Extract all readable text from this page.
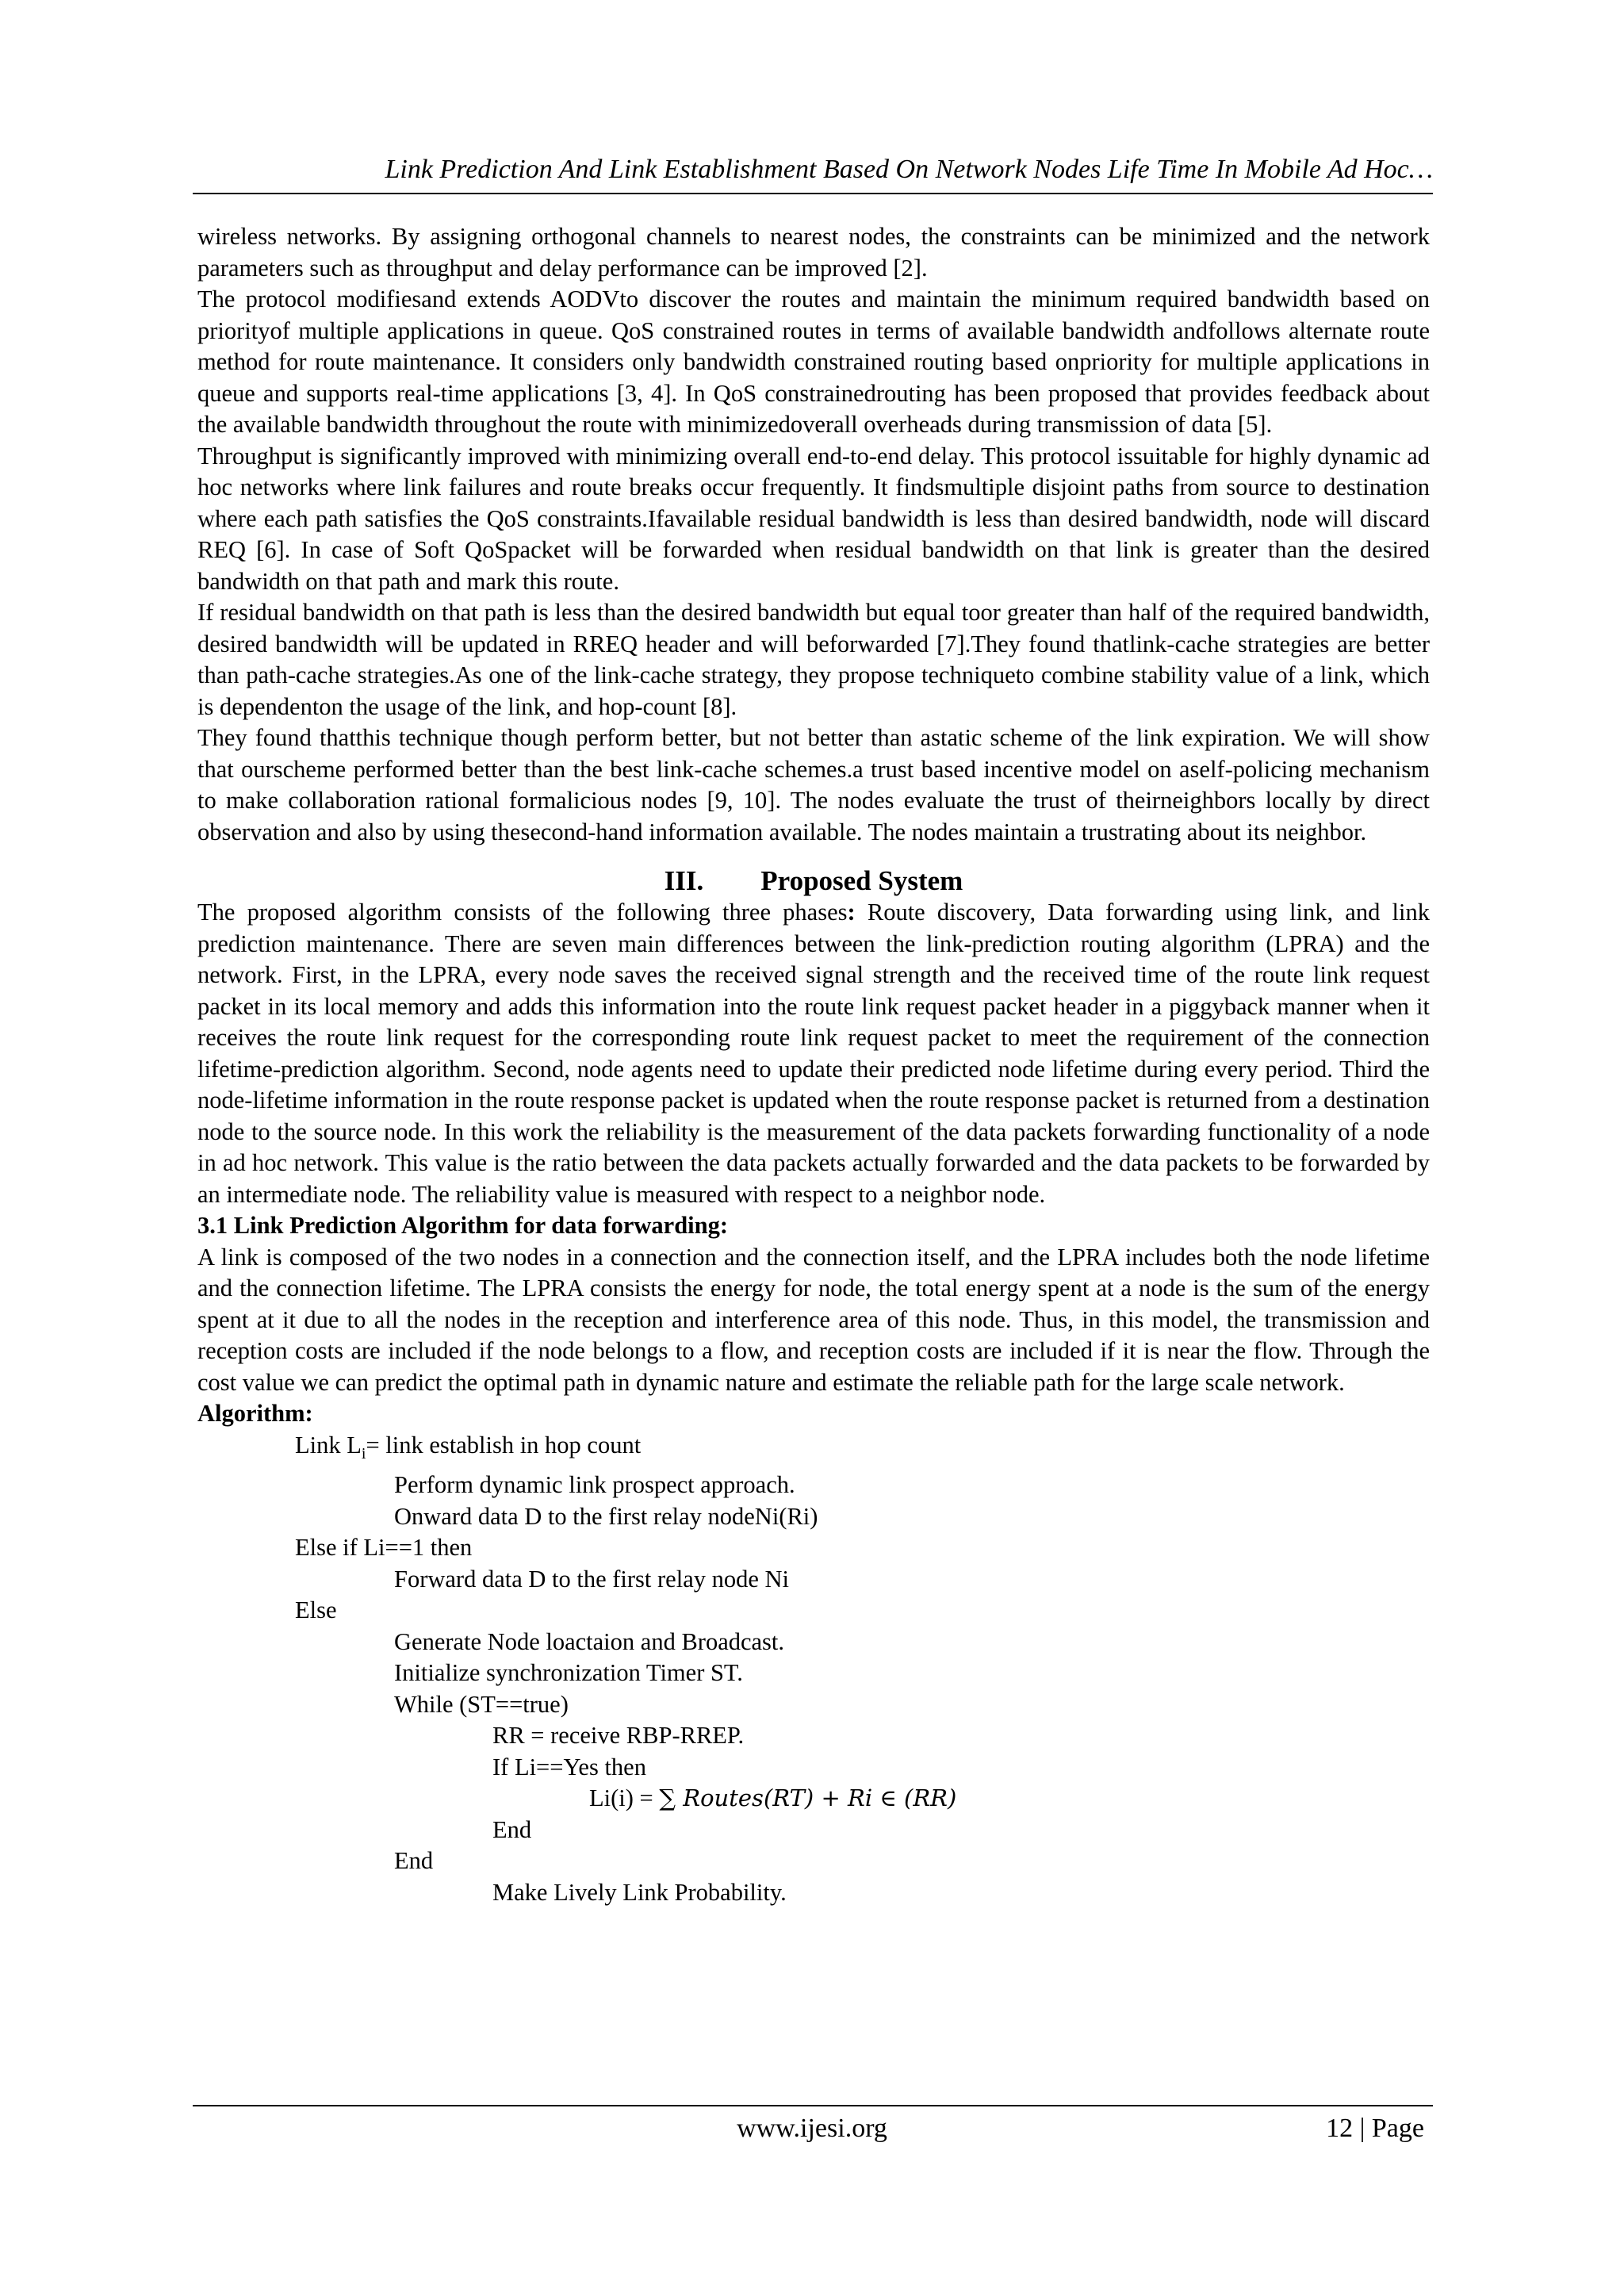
Link Prediction And Link Establishment Based On Network Nodes Life Time In Mobile Ad Hoc…

wireless networks. By assigning orthogonal channels to nearest nodes, the constraints can be minimized and the network parameters such as throughput and delay performance can be improved [2].

The protocol modifiesand extends AODVto discover the routes and maintain the minimum required bandwidth based on priorityof multiple applications in queue. QoS constrained routes in terms of available bandwidth andfollows alternate route method for route maintenance. It considers only bandwidth constrained routing based onpriority for multiple applications in queue and supports real-time applications [3, 4]. In QoS constrainedrouting has been proposed that provides feedback about the available bandwidth throughout the route with minimizedoverall overheads during transmission of data [5].

Throughput is significantly improved with minimizing overall end-to-end delay. This protocol issuitable for highly dynamic ad hoc networks where link failures and route breaks occur frequently. It findsmultiple disjoint paths from source to destination where each path satisfies the QoS constraints.Ifavailable residual bandwidth is less than desired bandwidth, node will discard REQ [6]. In case of Soft QoSpacket will be forwarded when residual bandwidth on that link is greater than the desired bandwidth on that path and mark this route.

If residual bandwidth on that path is less than the desired bandwidth but equal toor greater than half of the required bandwidth, desired bandwidth will be updated in RREQ header and will beforwarded [7].They found thatlink-cache strategies are better than path-cache strategies.As one of the link-cache strategy, they propose techniqueto combine stability value of a link, which is dependenton the usage of the link, and hop-count [8].

They found thatthis technique though perform better, but not better than astatic scheme of the link expiration. We will show that ourscheme performed better than the best link-cache schemes.a trust based incentive model on aself-policing mechanism to make collaboration rational formalicious nodes [9, 10]. The nodes evaluate the trust of theirneighbors locally by direct observation and also by using thesecond-hand information available. The nodes maintain a trustrating about its neighbor.

III. Proposed System

The proposed algorithm consists of the following three phases: Route discovery, Data forwarding using link, and link prediction maintenance. There are seven main differences between the link-prediction routing algorithm (LPRA) and the network. First, in the LPRA, every node saves the received signal strength and the received time of the route link request packet in its local memory and adds this information into the route link request packet header in a piggyback manner when it receives the route link request for the corresponding route link request packet to meet the requirement of the connection lifetime-prediction algorithm. Second, node agents need to update their predicted node lifetime during every period. Third the node-lifetime information in the route response packet is updated when the route response packet is returned from a destination node to the source node. In this work the reliability is the measurement of the data packets forwarding functionality of a node in ad hoc network. This value is the ratio between the data packets actually forwarded and the data packets to be forwarded by an intermediate node. The reliability value is measured with respect to a neighbor node.

3.1 Link Prediction Algorithm for data forwarding:

A link is composed of the two nodes in a connection and the connection itself, and the LPRA includes both the node lifetime and the connection lifetime. The LPRA consists the energy for node, the total energy spent at a node is the sum of the energy spent at it due to all the nodes in the reception and interference area of this node. Thus, in this model, the transmission and reception costs are included if the node belongs to a flow, and reception costs are included if it is near the flow. Through the cost value we can predict the optimal path in dynamic nature and estimate the reliable path for the large scale network.

Algorithm:
Link $L_i=$ link establish in hop count
Perform dynamic link prospect approach.
Onward data D to the first relay nodeNi(Ri)
Else if Li==1 then
Forward data D to the first relay node Ni
Else
Generate Node loactaion and Broadcast.
Initialize synchronization Timer ST.
While (ST==true)
RR = receive RBP-RREP.
If Li==Yes then
Li(i) = ∑ Routes(RT) + Ri ∈ (RR)
End
End
Make Lively Link Probability.
www.ijesi.org	12 | Page
